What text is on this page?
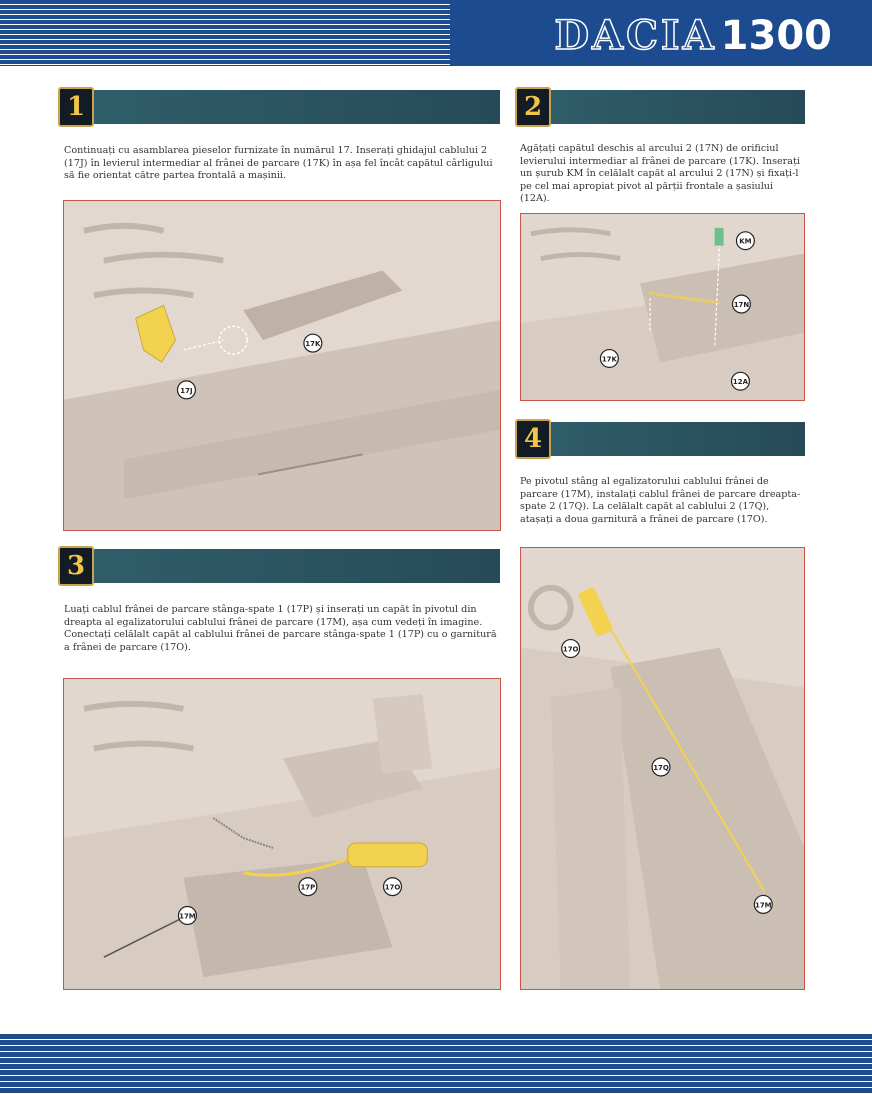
DACIA 1300
1

Continuați cu asamblarea pieselor furnizate în numărul 17. Inserați ghidajul cablului 2 (17J) în levierul intermediar al frânei de parcare (17K) în așa fel încât capătul cârligului să fie orientat către partea frontală a mașinii.

17K
17J
2

Agățați capătul deschis al arcului 2 (17N) de orificiul levierului intermediar al frânei de parcare (17K). Inserați un șurub KM în celălalt capăt al arcului 2 (17N) și fixați-l pe cel mai apropiat pivot al părții frontale a șasiului (12A).

KM
17N
17K
12A
4

Pe pivotul stâng al egalizatorului cablului frânei de parcare (17M), instalați cablul frânei de parcare dreapta-spate 2 (17Q). La celălalt capăt al cablului 2 (17Q), atașați a doua garnitură a frânei de parcare (17O).

17O
17Q
17M
3

Luați cablul frânei de parcare stânga-spate 1 (17P) și inserați un capăt în pivotul din dreapta al egalizatorului cablului frânei de parcare (17M), așa cum vedeți în imagine. Conectați celălalt capăt al cablului frânei de parcare stânga-spate 1 (17P) cu o garnitură a frânei de parcare (17O).

17P	17O
17M
